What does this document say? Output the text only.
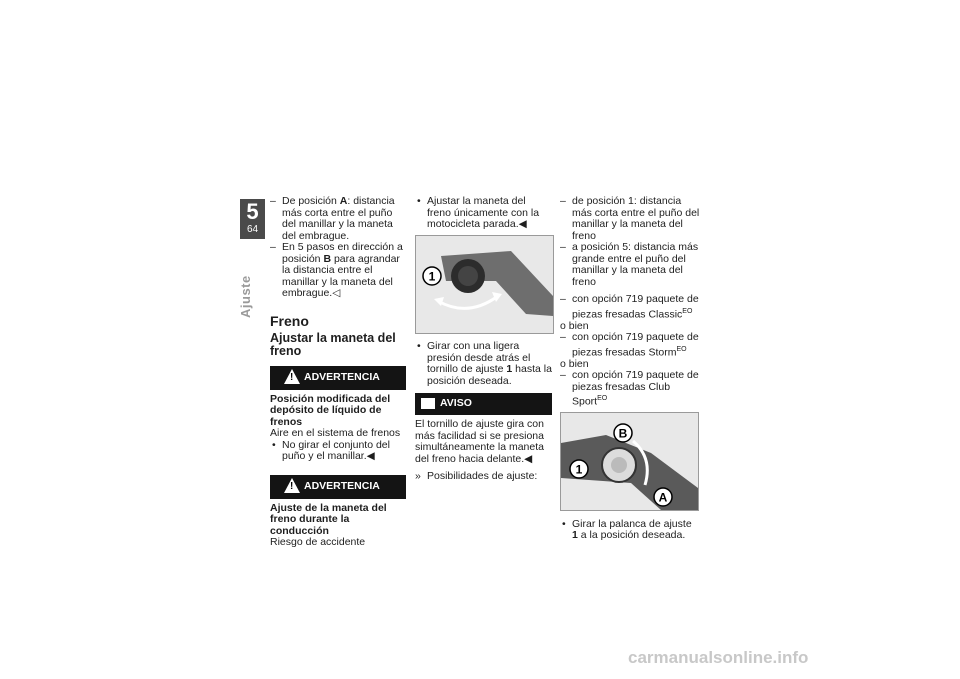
5
64
Ajuste

– De posición A: distancia más corta entre el puño del manillar y la maneta del embrague.

– En 5 pasos en dirección a posición B para agrandar la distancia entre el manillar y la maneta del embrague.◁

Freno
Ajustar la maneta del freno
! ADVERTENCIA

Posición modificada del depósito de líquido de frenos

Aire en el sistema de frenos

• No girar el conjunto del puño y el manillar.◀

! ADVERTENCIA

Ajuste de la maneta del freno durante la conducción

Riesgo de accidente

• Ajustar la maneta del freno únicamente con la motocicleta parada.◀

1

• Girar con una ligera presión desde atrás el tornillo de ajuste 1 hasta la posición deseada.

AVISO

El tornillo de ajuste gira con más facilidad si se presiona simultáneamente la maneta del freno hacia delante.◀

» Posibilidades de ajuste:

– de posición 1: distancia más corta entre el puño del manillar y la maneta del freno

– a posición 5: distancia más grande entre el puño del manillar y la maneta del freno

– con opción 719 paquete de piezas fresadas Classic$^{EO}$

o bien

– con opción 719 paquete de piezas fresadas Storm$^{EO}$

o bien

– con opción 719 paquete de piezas fresadas Club Sport$^{EO}$

B
1
A

• Girar la palanca de ajuste 1 a la posición deseada.

carmanualsonline.info
